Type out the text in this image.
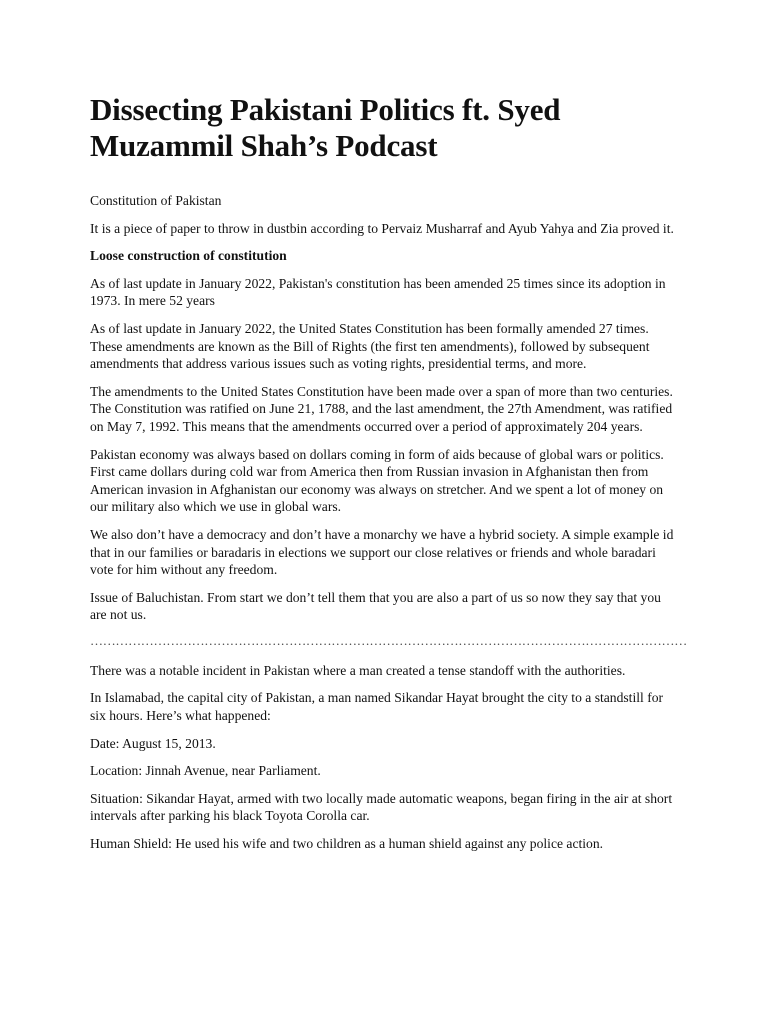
Dissecting Pakistani Politics ft. Syed Muzammil Shah’s Podcast

Constitution of Pakistan

It is a piece of paper to throw in dustbin according to Pervaiz Musharraf and Ayub Yahya and Zia proved it.

Loose construction of constitution

As of last update in January 2022, Pakistan's constitution has been amended 25 times since its adoption in 1973. In mere 52 years

As of last update in January 2022, the United States Constitution has been formally amended 27 times. These amendments are known as the Bill of Rights (the first ten amendments), followed by subsequent amendments that address various issues such as voting rights, presidential terms, and more.

The amendments to the United States Constitution have been made over a span of more than two centuries. The Constitution was ratified on June 21, 1788, and the last amendment, the 27th Amendment, was ratified on May 7, 1992. This means that the amendments occurred over a period of approximately 204 years.

Pakistan economy was always based on dollars coming in form of aids because of global wars or politics. First came dollars during cold war from America then from Russian invasion in Afghanistan then from American invasion in Afghanistan our economy was always on stretcher. And we spent a lot of money on our military also which we use in global wars.

We also don’t have a democracy and don’t have a monarchy we have a hybrid society. A simple example id that in our families or baradaris in elections we support our close relatives or friends and whole baradari vote for him without any freedom.

Issue of Baluchistan. From start we don’t tell them that you are also a part of us so now they say that you are not us.

……………………………………………………………………………………………………………………………

There was a notable incident in Pakistan where a man created a tense standoff with the authorities.

In Islamabad, the capital city of Pakistan, a man named Sikandar Hayat brought the city to a standstill for six hours. Here’s what happened:

Date: August 15, 2013.

Location: Jinnah Avenue, near Parliament.

Situation: Sikandar Hayat, armed with two locally made automatic weapons, began firing in the air at short intervals after parking his black Toyota Corolla car.

Human Shield: He used his wife and two children as a human shield against any police action.
